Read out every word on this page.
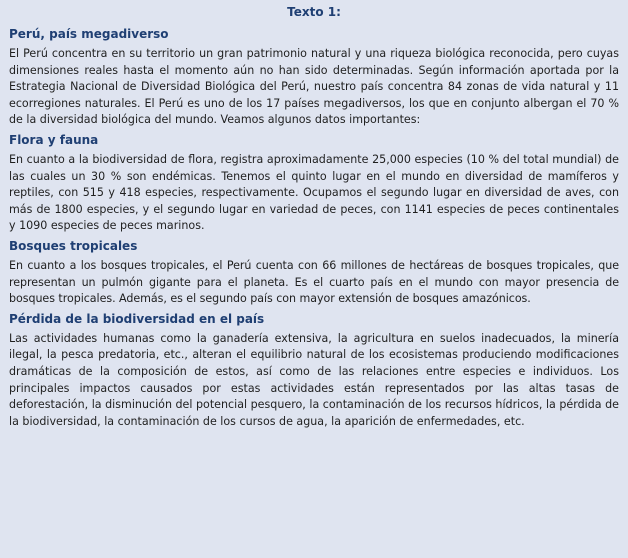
Texto 1:
Perú, país megadiverso
El Perú concentra en su territorio un gran patrimonio natural y una riqueza biológica reconocida, pero cuyas dimensiones reales hasta el momento aún no han sido determinadas. Según información aportada por la Estrategia Nacional de Diversidad Biológica del Perú, nuestro país concentra 84 zonas de vida natural y 11 ecorregiones naturales. El Perú es uno de los 17 países megadiversos, los que en conjunto albergan el 70 % de la diversidad biológica del mundo. Veamos algunos datos importantes:
Flora y fauna
En cuanto a la biodiversidad de flora, registra aproximadamente 25,000 especies (10 % del total mundial) de las cuales un 30 % son endémicas. Tenemos el quinto lugar en el mundo en diversidad de mamíferos y reptiles, con 515 y 418 especies, respectivamente. Ocupamos el segundo lugar en diversidad de aves, con más de 1800 especies, y el segundo lugar en variedad de peces, con 1141 especies de peces continentales y 1090 especies de peces marinos.
Bosques tropicales
En cuanto a los bosques tropicales, el Perú cuenta con 66 millones de hectáreas de bosques tropicales, que representan un pulmón gigante para el planeta. Es el cuarto país en el mundo con mayor presencia de bosques tropicales. Además, es el segundo país con mayor extensión de bosques amazónicos.
Pérdida de la biodiversidad en el país
Las actividades humanas como la ganadería extensiva, la agricultura en suelos inadecuados, la minería ilegal, la pesca predatoria, etc., alteran el equilibrio natural de los ecosistemas produciendo modificaciones dramáticas de la composición de estos, así como de las relaciones entre especies e individuos. Los principales impactos causados por estas actividades están representados por las altas tasas de deforestación, la disminución del potencial pesquero, la contaminación de los recursos hídricos, la pérdida de la biodiversidad, la contaminación de los cursos de agua, la aparición de enfermedades, etc.
